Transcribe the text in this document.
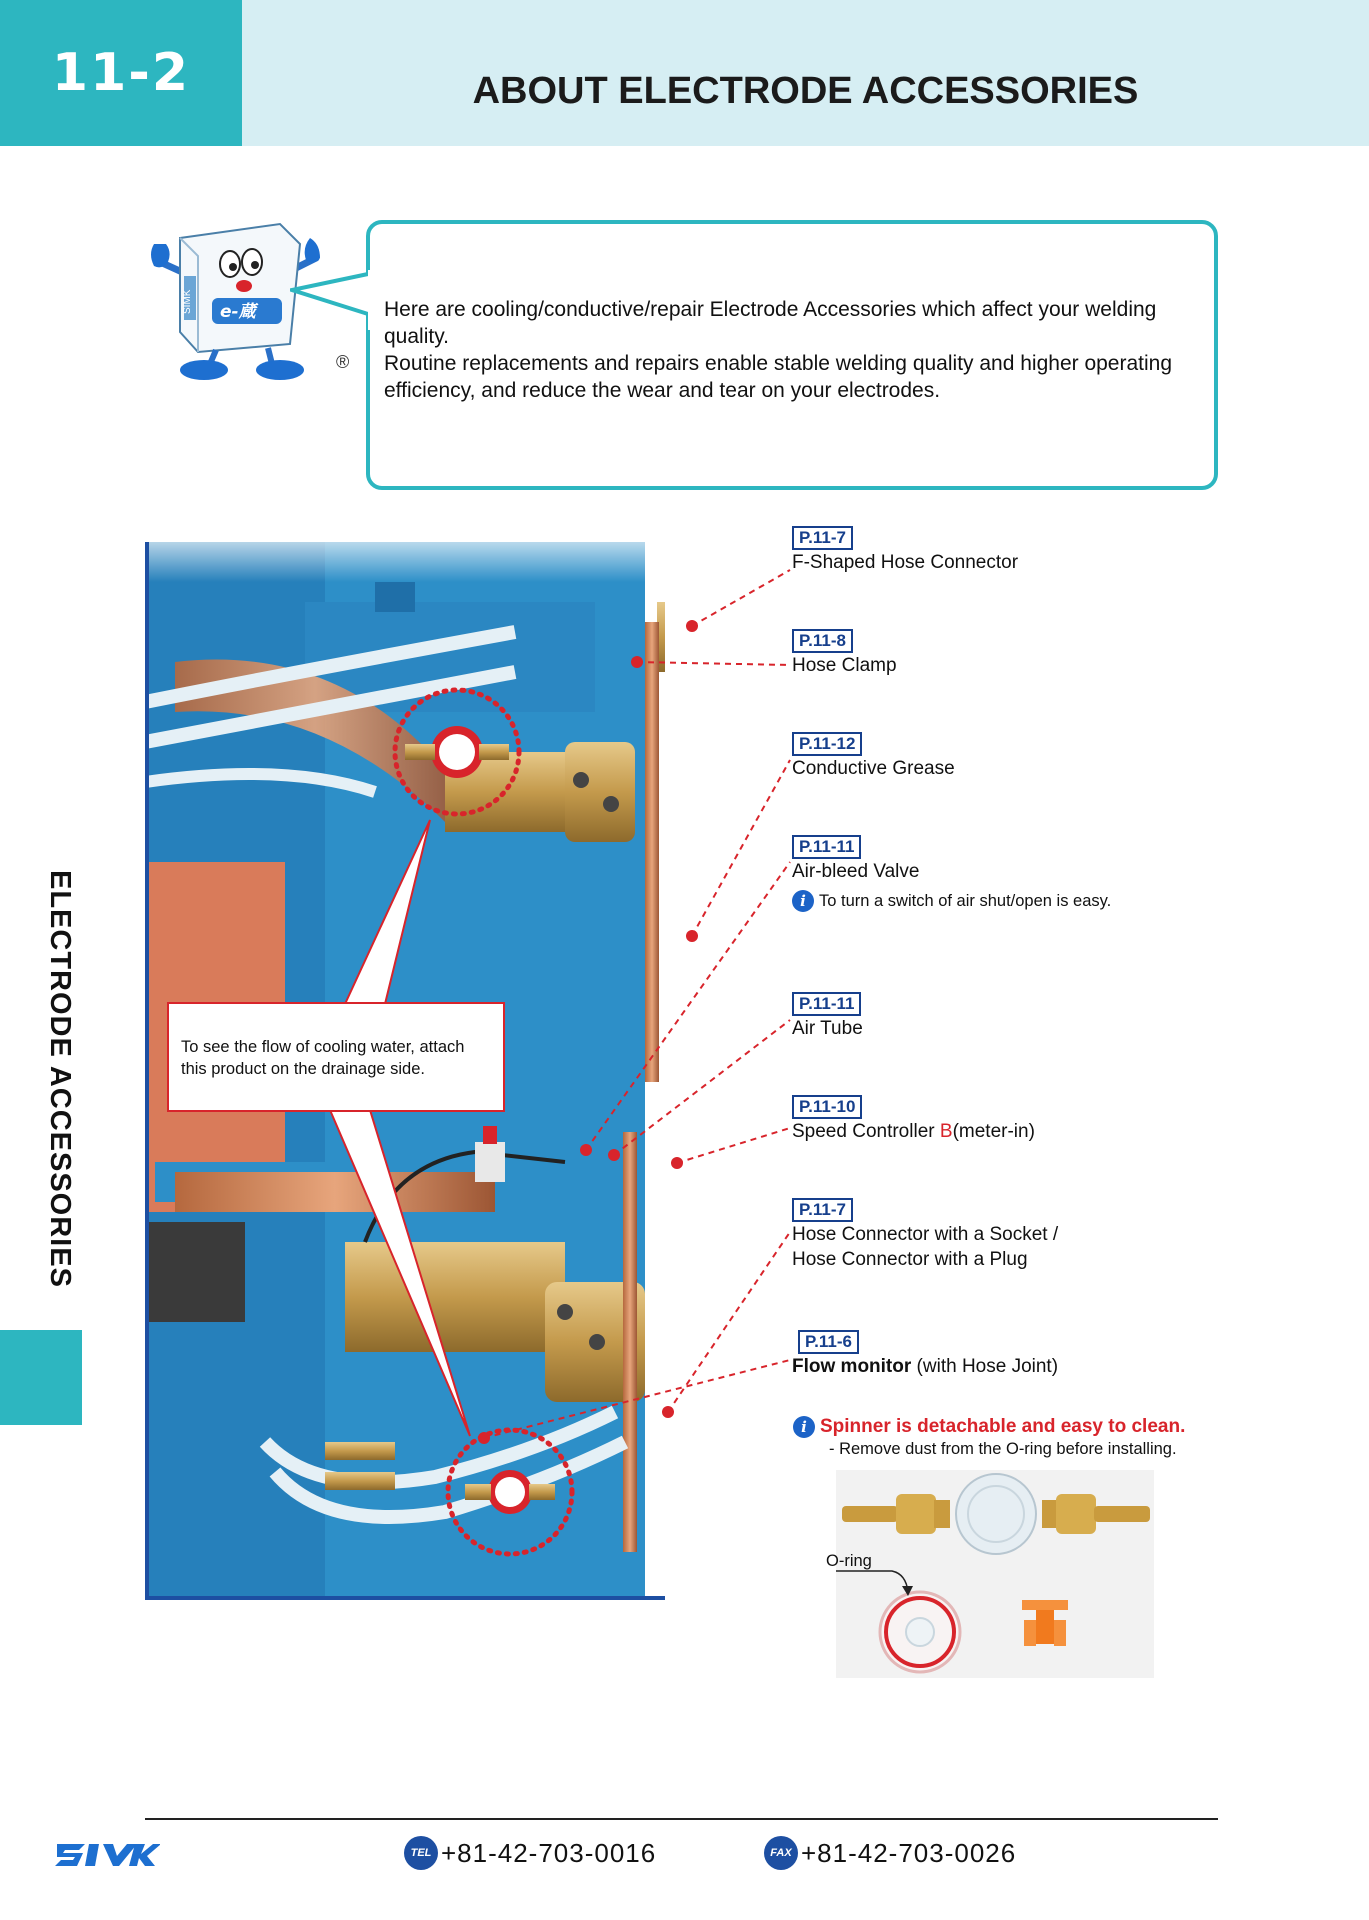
11-2	ABOUT ELECTRODE ACCESSORIES
ELECTRODE ACCESSORIES
SIMK e-蔵
®

Here are cooling/conductive/repair Electrode Accessories which affect your welding quality.

Routine replacements and repairs enable stable welding quality and higher operating efficiency, and reduce the wear and tear on your electrodes.

To see the flow of cooling water, attach this product on the drainage side.
P.11-7
F-Shaped Hose Connector
P.11-8
Hose Clamp
P.11-12
Conductive Grease
P.11-11
Air-bleed Valve
i To turn a switch of air shut/open is easy.
P.11-11
Air Tube
P.11-10
Speed Controller B(meter-in)
P.11-7
Hose Connector with a Socket /
Hose Connector with a Plug
P.11-6
Flow monitor (with Hose Joint)
i Spinner is detachable and easy to clean.
- Remove dust from the O-ring before installing.
O-ring
TEL +81-42-703-0016	FAX +81-42-703-0026
